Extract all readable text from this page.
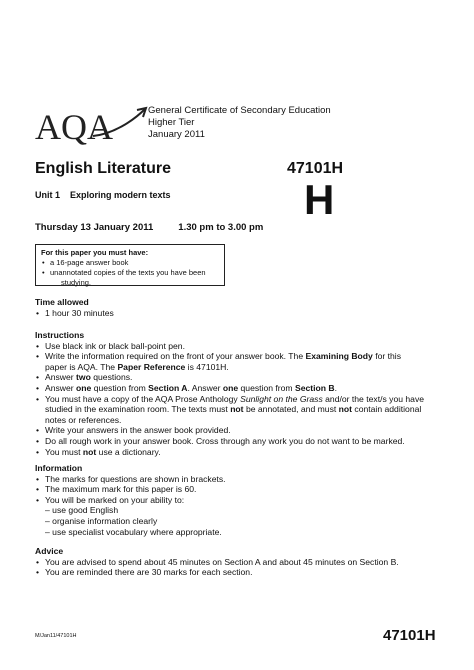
AQA	General Certificate of Secondary Education
Higher Tier
January 2011
English Literature	47101H
H
Unit 1 Exploring modern texts
Thursday 13 January 2011	1.30 pm to 3.00 pm
For this paper you must have:
• a 16-page answer book
• unannotated copies of the texts you have been
studying.
Time allowed
• 1 hour 30 minutes
Instructions
• Use black ink or black ball-point pen.
• Write the information required on the front of your answer book. The Examining Body for this
paper is AQA. The Paper Reference is 47101H.
• Answer two questions.
• Answer one question from Section A. Answer one question from Section B.
• You must have a copy of the AQA Prose Anthology Sunlight on the Grass and/or the text/s you have
studied in the examination room. The texts must not be annotated, and must not contain additional
notes or references.
• Write your answers in the answer book provided.
• Do all rough work in your answer book. Cross through any work you do not want to be marked.
• You must not use a dictionary.
Information
• The marks for questions are shown in brackets.
• The maximum mark for this paper is 60.
• You will be marked on your ability to:
– use good English
– organise information clearly
– use specialist vocabulary where appropriate.
Advice
• You are advised to spend about 45 minutes on Section A and about 45 minutes on Section B.
• You are reminded there are 30 marks for each section.
M/Jan11/47101H	47101H
